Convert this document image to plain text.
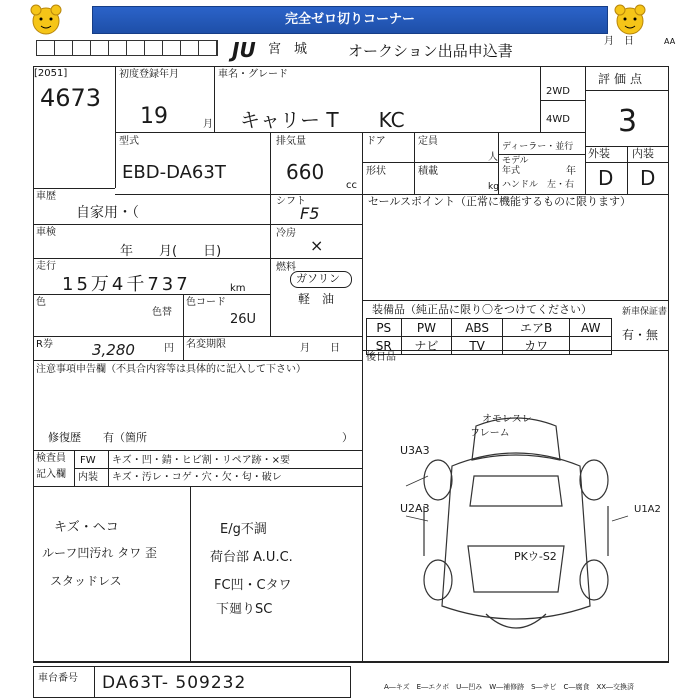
完全ゼロ切りコーナー
JU 宮　城	オークション出品申込書
月　日	AA
[2051]
4673
初度登録年月
19	月
車名・グレード
キャリー T　　KC
2WD
4WD
評価点
3
型式
EBD-DA63T
排気量
660
cc
ドア	定員
人
形状	積載
kg
ディーラー・並行
モデル
年式	年
ハンドル　左・右
外装 内装
D D
車歴
自家用・（
車検
年　　月(　　日)
走行
15万4千737	km
色
色替
色コード
26U
シフト
F5
冷房
×
燃料
ガソリン
軽　油
セールスポイント（正常に機能するものに限ります）
装備品（純正品に限り〇をつけてください）	新車保証書
PS	PW	ABS	エアB	AW
SR	ナビ	TV	カワ	
有・無
後日品
R券	3,280	円 名変期限	月　　日
注意事項申告欄（不具合内容等は具体的に記入して下さい）
修復歴　　有（箇所	）
検査員
記入欄
FW キズ・凹・錆・ヒビ割・リペア跡・×要
内装 キズ・汚レ・コゲ・穴・欠・匂・破レ
キズ・ヘコ
ルーフ凹汚れ タワ 歪
スタッドレス
E/g不調
荷台部 A.U.C.
FC凹・Cタワ
下廻りSC
U3A3
U2A3	U1A2
PKウ-S2
オモレスレ
フレーム
車台番号 DA63T- 509232	A―キズ　E―エクボ　U―凹み　W―補修跡　S―サビ　C―腐食　XX―交換済
